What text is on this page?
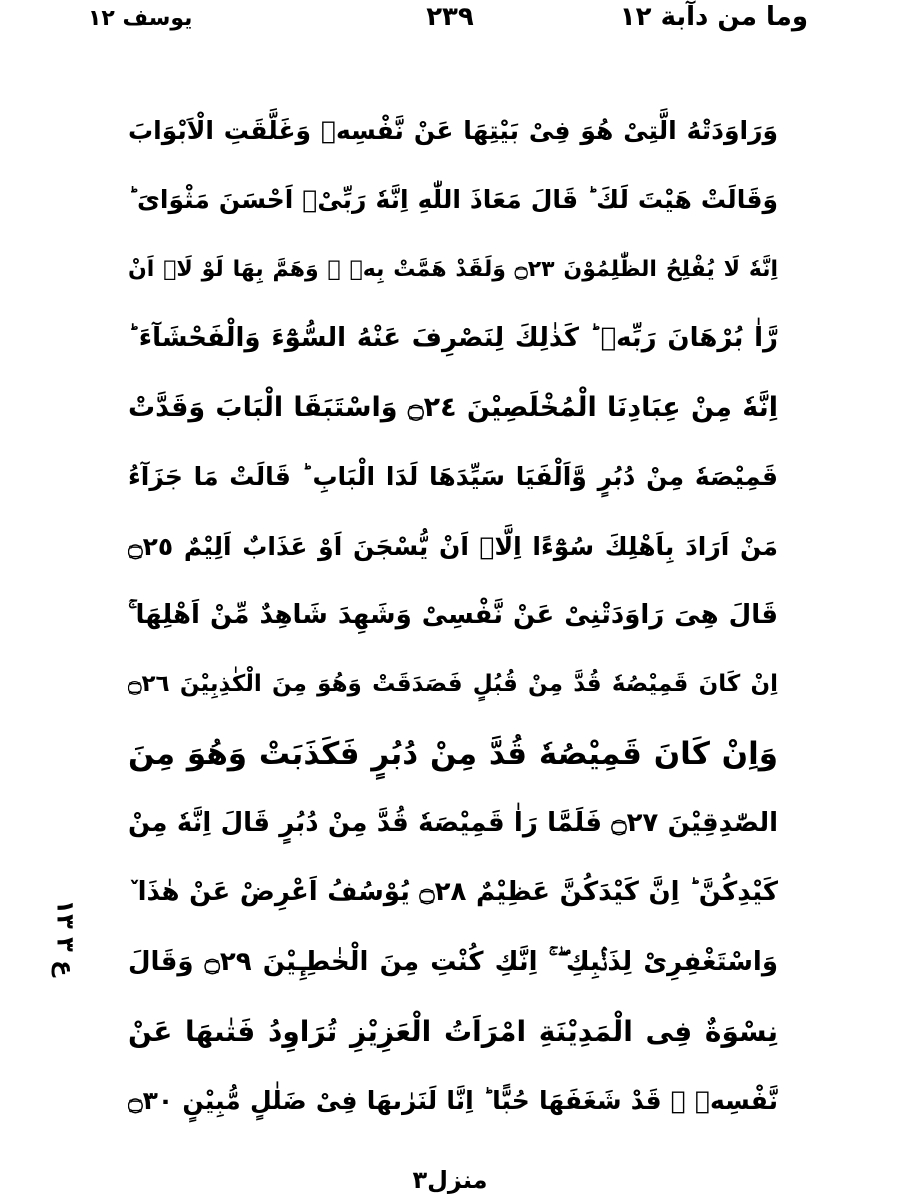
يوسف ١٢	٢٣٩	وما من دآبة ١٢
وَرَاوَدَتْهُ الَّتِیْ هُوَ فِیْ بَیْتِهَا عَنْ نَّفْسِهٖ وَغَلَّقَتِ الْاَبْوَابَ
وَقَالَتْ هَیْتَ لَكَ ؕ قَالَ مَعَاذَ اللّٰهِ اِنَّهٗ رَبِّیْۤ اَحْسَنَ مَثْوَایَ ؕ
اِنَّهٗ لَا یُفْلِحُ الظّٰلِمُوْنَ ۝٢٣ وَلَقَدْ هَمَّتْ بِهٖ ۚ وَهَمَّ بِهَا لَوْ لَاۤ اَنْ
رَّاٰ بُرْهَانَ رَبِّهٖ ؕ كَذٰلِكَ لِنَصْرِفَ عَنْهُ السُّوْٓءَ وَالْفَحْشَآءَ ؕ
اِنَّهٗ مِنْ عِبَادِنَا الْمُخْلَصِیْنَ ۝٢٤ وَاسْتَبَقَا الْبَابَ وَقَدَّتْ
قَمِیْصَهٗ مِنْ دُبُرٍ وَّاَلْفَیَا سَیِّدَهَا لَدَا الْبَابِ ؕ قَالَتْ مَا جَزَآءُ
مَنْ اَرَادَ بِاَهْلِكَ سُوْٓءًا اِلَّاۤ اَنْ یُّسْجَنَ اَوْ عَذَابٌ اَلِیْمٌ ۝٢٥
قَالَ هِیَ رَاوَدَتْنِیْ عَنْ نَّفْسِیْ وَشَهِدَ شَاهِدٌ مِّنْ اَهْلِهَا ۚ
اِنْ كَانَ قَمِیْصُهٗ قُدَّ مِنْ قُبُلٍ فَصَدَقَتْ وَهُوَ مِنَ الْكٰذِبِیْنَ ۝٢٦
وَاِنْ كَانَ قَمِیْصُهٗ قُدَّ مِنْ دُبُرٍ فَكَذَبَتْ وَهُوَ مِنَ
الصّٰدِقِیْنَ ۝٢٧ فَلَمَّا رَاٰ قَمِیْصَهٗ قُدَّ مِنْ دُبُرٍ قَالَ اِنَّهٗ مِنْ
كَیْدِكُنَّ ؕ اِنَّ كَیْدَكُنَّ عَظِیْمٌ ۝٢٨ یُوْسُفُ اَعْرِضْ عَنْ هٰذَا ٚ
وَاسْتَغْفِرِیْ لِذَنْۢبِكِ ۖ ۚ اِنَّكِ كُنْتِ مِنَ الْخٰطِـِٕیْنَ ۝٢٩ وَقَالَ
نِسْوَةٌ فِی الْمَدِیْنَةِ امْرَاَتُ الْعَزِیْزِ تُرَاوِدُ فَتٰىهَا عَنْ
نَّفْسِهٖ ۚ قَدْ شَغَفَهَا حُبًّا ؕ اِنَّا لَنَرٰىهَا فِیْ ضَلٰلٍ مُّبِیْنٍ ۝٣٠
ع ٣ ١٣
منزل٣
